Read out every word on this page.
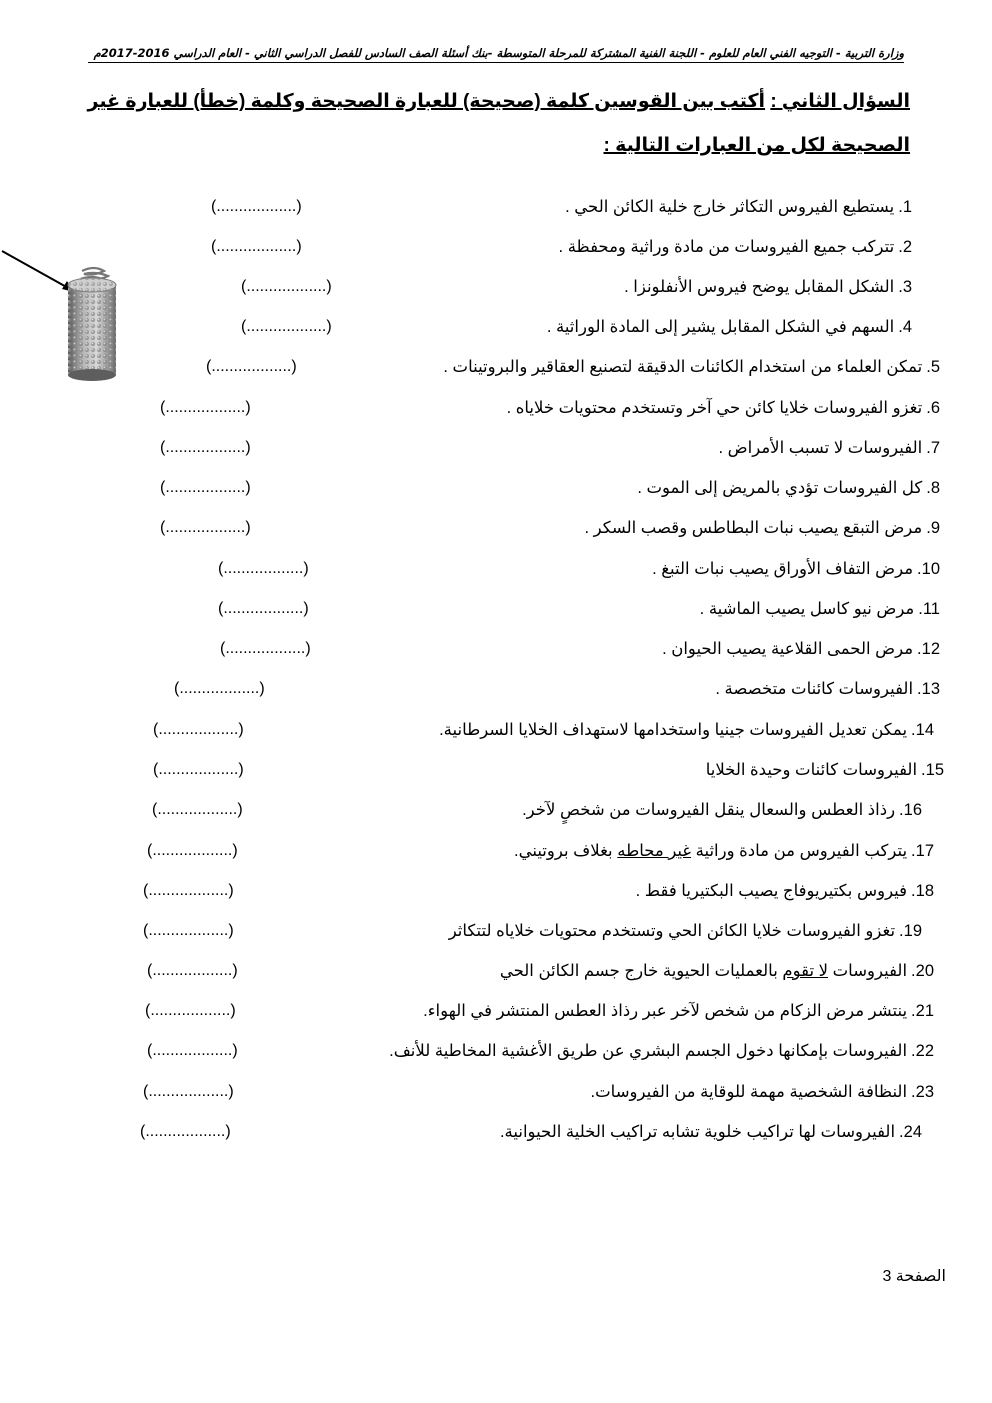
وزارة التربية - التوجيه الفني العام للعلوم - اللجنة الفنية المشتركة للمرحلة المتوسطة -بنك أسئلة الصف السادس للفصل الدراسي الثاني - العام الدراسي 2016-2017م
السؤال الثاني : أكتب بين القوسين كلمة (صحيحة) للعبارة الصحيحة وكلمة (خطأ) للعبارة غير
الصحيحة لكل من العبارات التالية :
1.يستطيع الفيروس التكاثر خارج خلية الكائن الحي .
(..................)
2.تتركب جميع الفيروسات من مادة وراثية ومحفظة .
(..................)
3.الشكل المقابل يوضح فيروس الأنفلونزا .
(..................)
4.السهم في الشكل المقابل يشير إلى المادة الوراثية .
(..................)
5.تمكن العلماء من استخدام الكائنات الدقيقة لتصنيع العقاقير والبروتينات .
(..................)
6.تغزو الفيروسات خلايا كائن حي آخر وتستخدم محتويات خلاياه .
(..................)
7.الفيروسات لا تسبب الأمراض .
(..................)
8.كل الفيروسات تؤدي بالمريض إلى الموت .
(..................)
9.مرض التبقع يصيب نبات البطاطس وقصب السكر .
(..................)
10.مرض التفاف الأوراق يصيب نبات التبغ .
(..................)
11.مرض نيو كاسل يصيب الماشية .
(..................)
12.مرض الحمى القلاعية يصيب الحيوان .
(..................)
13.الفيروسات كائنات متخصصة .
(..................)
14.يمكن تعديل الفيروسات جينيا واستخدامها لاستهداف الخلايا السرطانية.
(..................)
15.الفيروسات كائنات وحيدة الخلايا
(..................)
16.رذاذ العطس والسعال ينقل الفيروسات من شخصٍ لآخر.
(..................)
17.يتركب الفيروس من مادة وراثية غير محاطه بغلاف بروتيني.
(..................)
18.فيروس بكتيريوفاج يصيب البكتيريا فقط .
(..................)
19.تغزو الفيروسات خلايا الكائن الحي وتستخدم محتويات خلاياه لتتكاثر
(..................)
20.الفيروسات لا تقوم بالعمليات الحيوية خارج جسم الكائن الحي
(..................)
21.ينتشر مرض الزكام من شخص لآخر عبر رذاذ العطس المنتشر في الهواء.
(..................)
22.الفيروسات بإمكانها دخول الجسم البشري عن طريق الأغشية المخاطية للأنف.
(..................)
23.النظافة الشخصية مهمة للوقاية من الفيروسات.
(..................)
24.الفيروسات لها تراكيب خلوية تشابه تراكيب الخلية الحيوانية.
(..................)
الصفحة 3
